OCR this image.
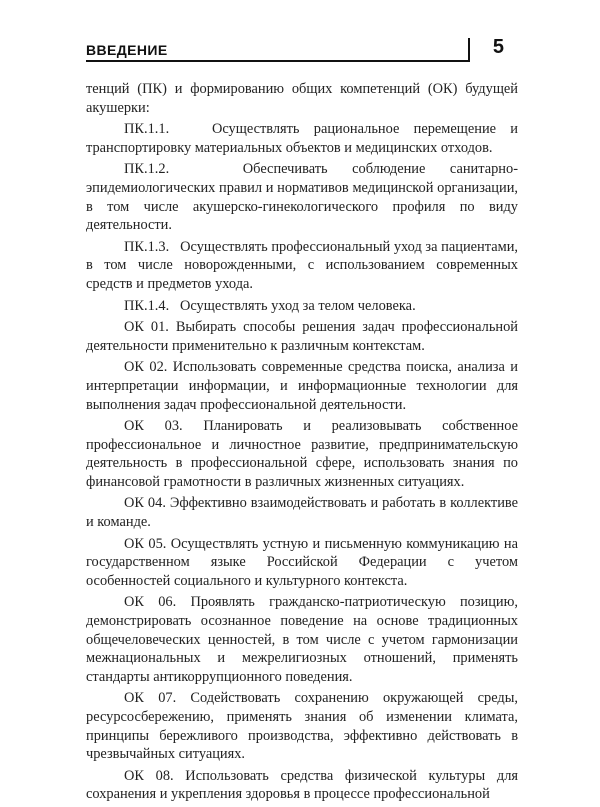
ВВЕДЕНИЕ	5

тенций (ПК) и формированию общих компетенций (ОК) будущей акушерки:

ПК.1.1.   Осуществлять рациональное перемещение и транспортировку материальных объектов и медицинских отходов.

ПК.1.2.   Обеспечивать соблюдение санитарно-эпидемиологических правил и нормативов медицинской организации, в том числе акушерско-гинекологического профиля по виду деятельности.

ПК.1.3.   Осуществлять профессиональный уход за пациентами, в том числе новорожденными, с использованием современных средств и предметов ухода.

ПК.1.4.   Осуществлять уход за телом человека.

ОК 01. Выбирать способы решения задач профессиональной деятельности применительно к различным контекстам.

ОК 02. Использовать современные средства поиска, анализа и интерпретации информации, и информационные технологии для выполнения задач профессиональной деятельности.

ОК 03. Планировать и реализовывать собственное профессиональное и личностное развитие, предпринимательскую деятельность в профессиональной сфере, использовать знания по финансовой грамотности в различных жизненных ситуациях.

ОК 04. Эффективно взаимодействовать и работать в коллективе и команде.

ОК 05. Осуществлять устную и письменную коммуникацию на государственном языке Российской Федерации с учетом особенностей социального и культурного контекста.

ОК 06. Проявлять гражданско-патриотическую позицию, демонстрировать осознанное поведение на основе традиционных общечеловеческих ценностей, в том числе с учетом гармонизации межнациональных и межрелигиозных отношений, применять стандарты антикоррупционного поведения.

ОК 07. Содействовать сохранению окружающей среды, ресурсосбережению, применять знания об изменении климата, принципы бережливого производства, эффективно действовать в чрезвычайных ситуациях.

ОК 08. Использовать средства физической культуры для сохранения и укрепления здоровья в процессе профессиональной
